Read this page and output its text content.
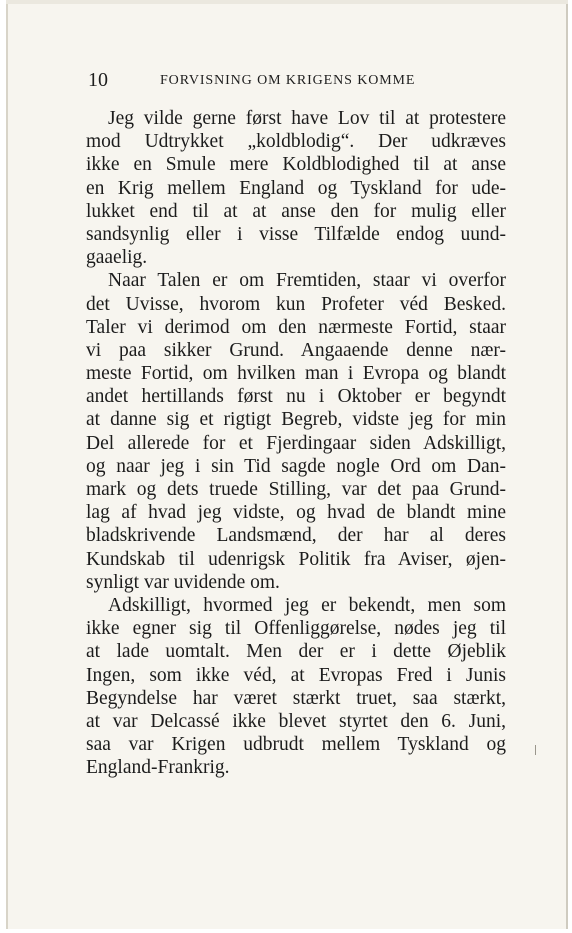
10	FORVISNING OM KRIGENS KOMME
Jeg vilde gerne først have Lov til at protestere
mod Udtrykket „koldblodig“. Der udkræves
ikke en Smule mere Koldblodighed til at anse
en Krig mellem England og Tyskland for ude-
lukket end til at at anse den for mulig eller
sandsynlig eller i visse Tilfælde endog uund-
gaaelig.
Naar Talen er om Fremtiden, staar vi overfor
det Uvisse, hvorom kun Profeter véd Besked.
Taler vi derimod om den nærmeste Fortid, staar
vi paa sikker Grund. Angaaende denne nær-
meste Fortid, om hvilken man i Evropa og blandt
andet hertillands først nu i Oktober er begyndt
at danne sig et rigtigt Begreb, vidste jeg for min
Del allerede for et Fjerdingaar siden Adskilligt,
og naar jeg i sin Tid sagde nogle Ord om Dan-
mark og dets truede Stilling, var det paa Grund-
lag af hvad jeg vidste, og hvad de blandt mine
bladskrivende Landsmænd, der har al deres
Kundskab til udenrigsk Politik fra Aviser, øjen-
synligt var uvidende om.
Adskilligt, hvormed jeg er bekendt, men som
ikke egner sig til Offenliggørelse, nødes jeg til
at lade uomtalt. Men der er i dette Øjeblik
Ingen, som ikke véd, at Evropas Fred i Junis
Begyndelse har været stærkt truet, saa stærkt,
at var Delcassé ikke blevet styrtet den 6. Juni,
saa var Krigen udbrudt mellem Tyskland og
England-Frankrig.
